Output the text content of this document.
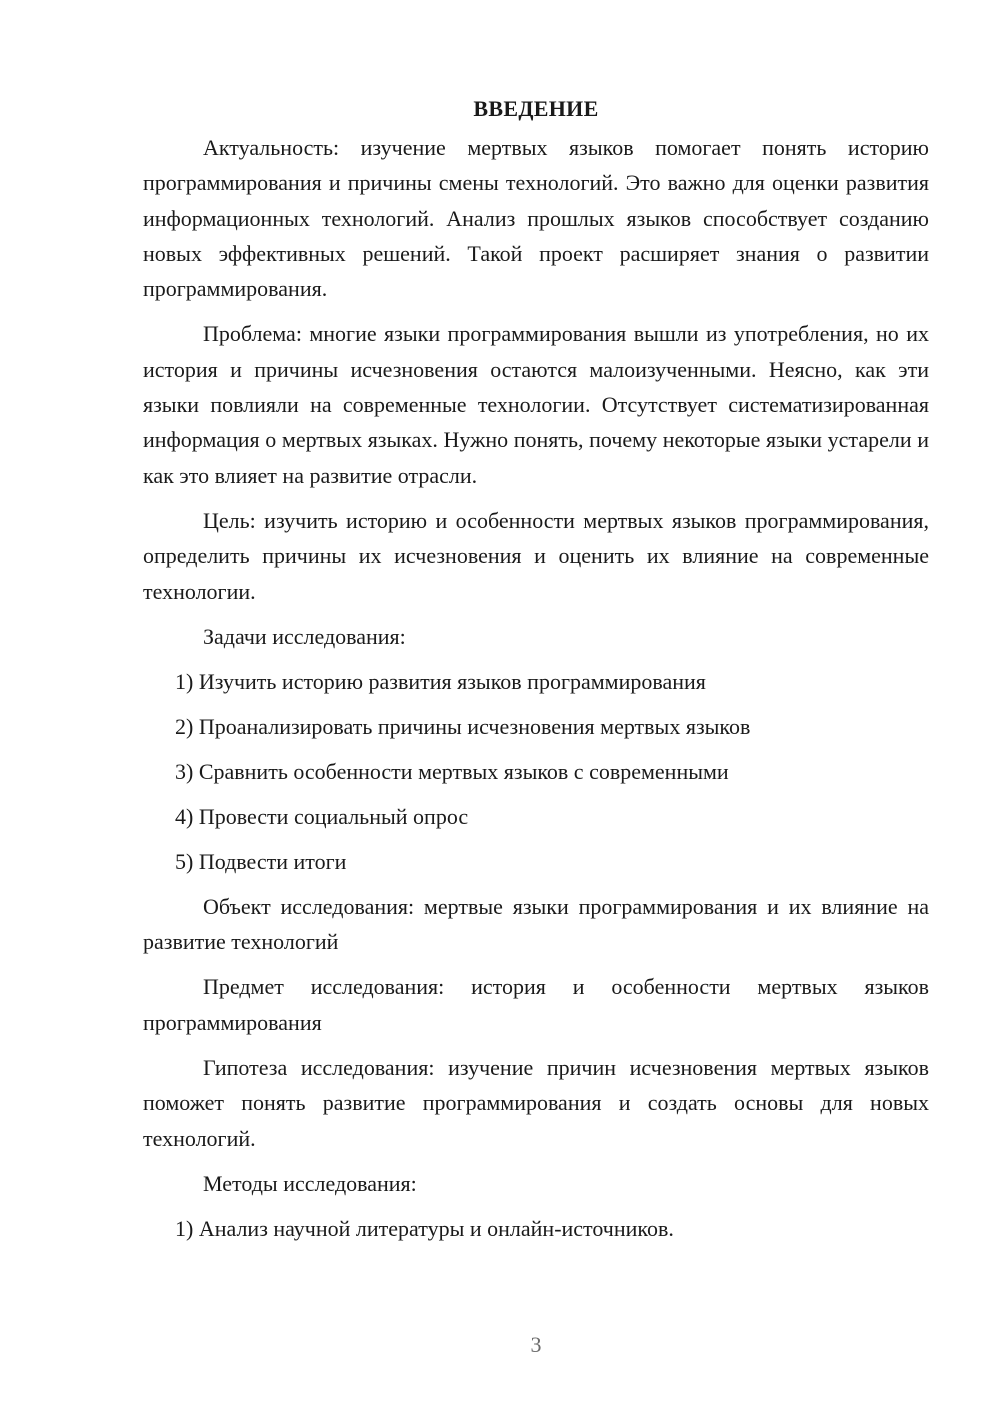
ВВЕДЕНИЕ

Актуальность: изучение мертвых языков помогает понять историю программирования и причины смены технологий. Это важно для оценки развития информационных технологий. Анализ прошлых языков способствует созданию новых эффективных решений. Такой проект расширяет знания о развитии программирования.

Проблема: многие языки программирования вышли из употребления, но их история и причины исчезновения остаются малоизученными. Неясно, как эти языки повлияли на современные технологии. Отсутствует систематизированная информация о мертвых языках. Нужно понять, почему некоторые языки устарели и как это влияет на развитие отрасли.

Цель: изучить историю и особенности мертвых языков программирования, определить причины их исчезновения и оценить их влияние на современные технологии.

Задачи исследования:

1) Изучить историю развития языков программирования
2) Проанализировать причины исчезновения мертвых языков
3) Сравнить особенности мертвых языков с современными
4) Провести социальный опрос
5) Подвести итоги

Объект исследования: мертвые языки программирования и их влияние на развитие технологий

Предмет исследования: история и особенности мертвых языков программирования

Гипотеза исследования: изучение причин исчезновения мертвых языков поможет понять развитие программирования и создать основы для новых технологий.

Методы исследования:

1) Анализ научной литературы и онлайн-источников.
3
